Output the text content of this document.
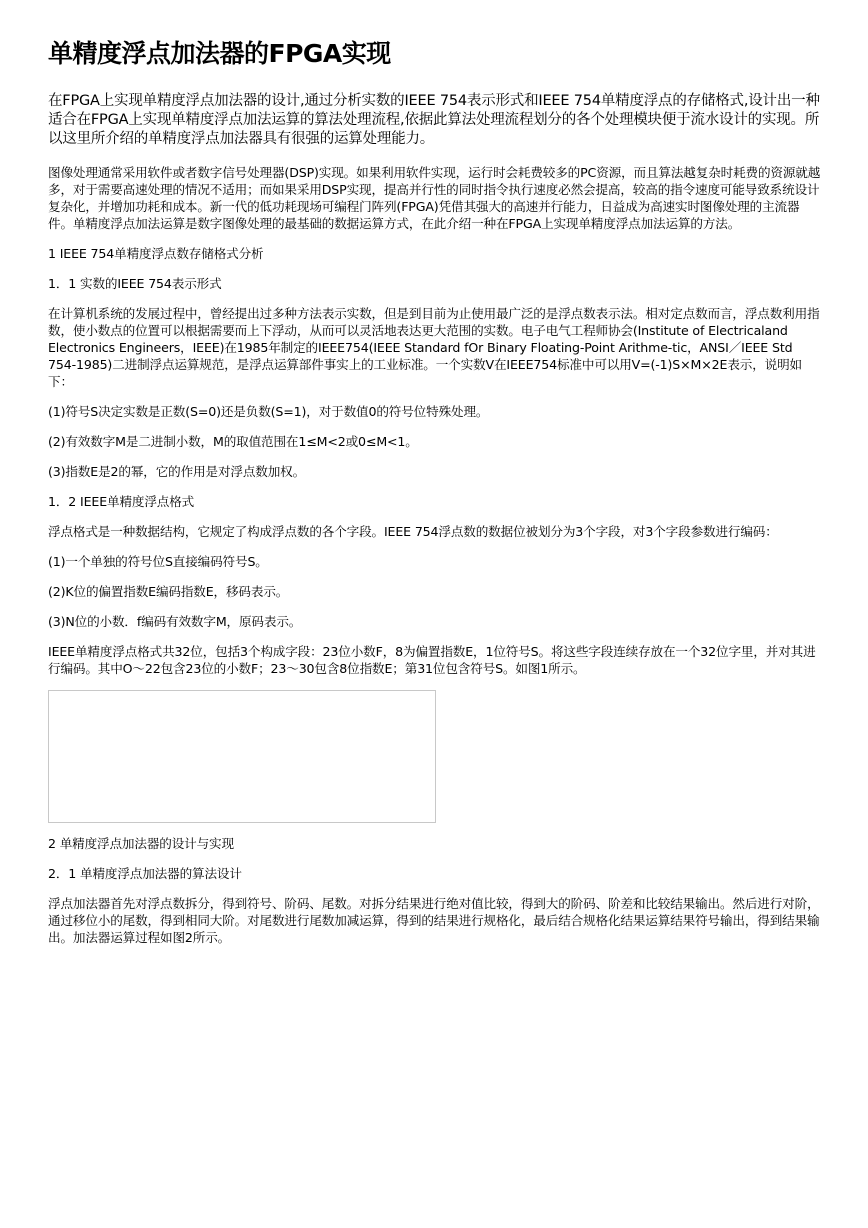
单精度浮点加法器的FPGA实现

在FPGA上实现单精度浮点加法器的设计,通过分析实数的IEEE 754表示形式和IEEE 754单精度浮点的存储格式,设计出一种适合在FPGA上实现单精度浮点加法运算的算法处理流程,依据此算法处理流程划分的各个处理模块便于流水设计的实现。所以这里所介绍的单精度浮点加法器具有很强的运算处理能力。

图像处理通常采用软件或者数字信号处理器(DSP)实现。如果利用软件实现，运行时会耗费较多的PC资源，而且算法越复杂时耗费的资源就越多，对于需要高速处理的情况不适用；而如果采用DSP实现，提高并行性的同时指令执行速度必然会提高，较高的指令速度可能导致系统设计复杂化，并增加功耗和成本。新一代的低功耗现场可编程门阵列(FPGA)凭借其强大的高速并行能力，日益成为高速实时图像处理的主流器件。单精度浮点加法运算是数字图像处理的最基础的数据运算方式，在此介绍一种在FPGA上实现单精度浮点加法运算的方法。

1 IEEE 754单精度浮点数存储格式分析

1．1 实数的IEEE 754表示形式

在计算机系统的发展过程中，曾经提出过多种方法表示实数，但是到目前为止使用最广泛的是浮点数表示法。相对定点数而言，浮点数利用指数，使小数点的位置可以根据需要而上下浮动，从而可以灵活地表达更大范围的实数。电子电气工程师协会(Institute of Electricaland Electronics Engineers，IEEE)在1985年制定的IEEE754(IEEE Standard fOr Binary Floating-Point Arithme-tic，ANSI／IEEE Std 754-1985)二进制浮点运算规范，是浮点运算部件事实上的工业标准。一个实数V在IEEE754标准中可以用V=(-1)S×M×2E表示，说明如下：

(1)符号S决定实数是正数(S=0)还是负数(S=1)，对于数值0的符号位特殊处理。

(2)有效数字M是二进制小数，M的取值范围在1≤M<2或0≤M<1。

(3)指数E是2的幂，它的作用是对浮点数加权。

1．2 IEEE单精度浮点格式

浮点格式是一种数据结构，它规定了构成浮点数的各个字段。IEEE 754浮点数的数据位被划分为3个字段，对3个字段参数进行编码：

(1)一个单独的符号位S直接编码符号S。

(2)K位的偏置指数E编码指数E，移码表示。

(3)N位的小数．f编码有效数字M，原码表示。

IEEE单精度浮点格式共32位，包括3个构成字段：23位小数F，8为偏置指数E，1位符号S。将这些字段连续存放在一个32位字里，并对其进行编码。其中O～22包含23位的小数F；23～30包含8位指数E；第31位包含符号S。如图1所示。

2 单精度浮点加法器的设计与实现

2．1 单精度浮点加法器的算法设计

浮点加法器首先对浮点数拆分，得到符号、阶码、尾数。对拆分结果进行绝对值比较，得到大的阶码、阶差和比较结果输出。然后进行对阶，通过移位小的尾数，得到相同大阶。对尾数进行尾数加减运算，得到的结果进行规格化，最后结合规格化结果运算结果符号输出，得到结果输出。加法器运算过程如图2所示。
